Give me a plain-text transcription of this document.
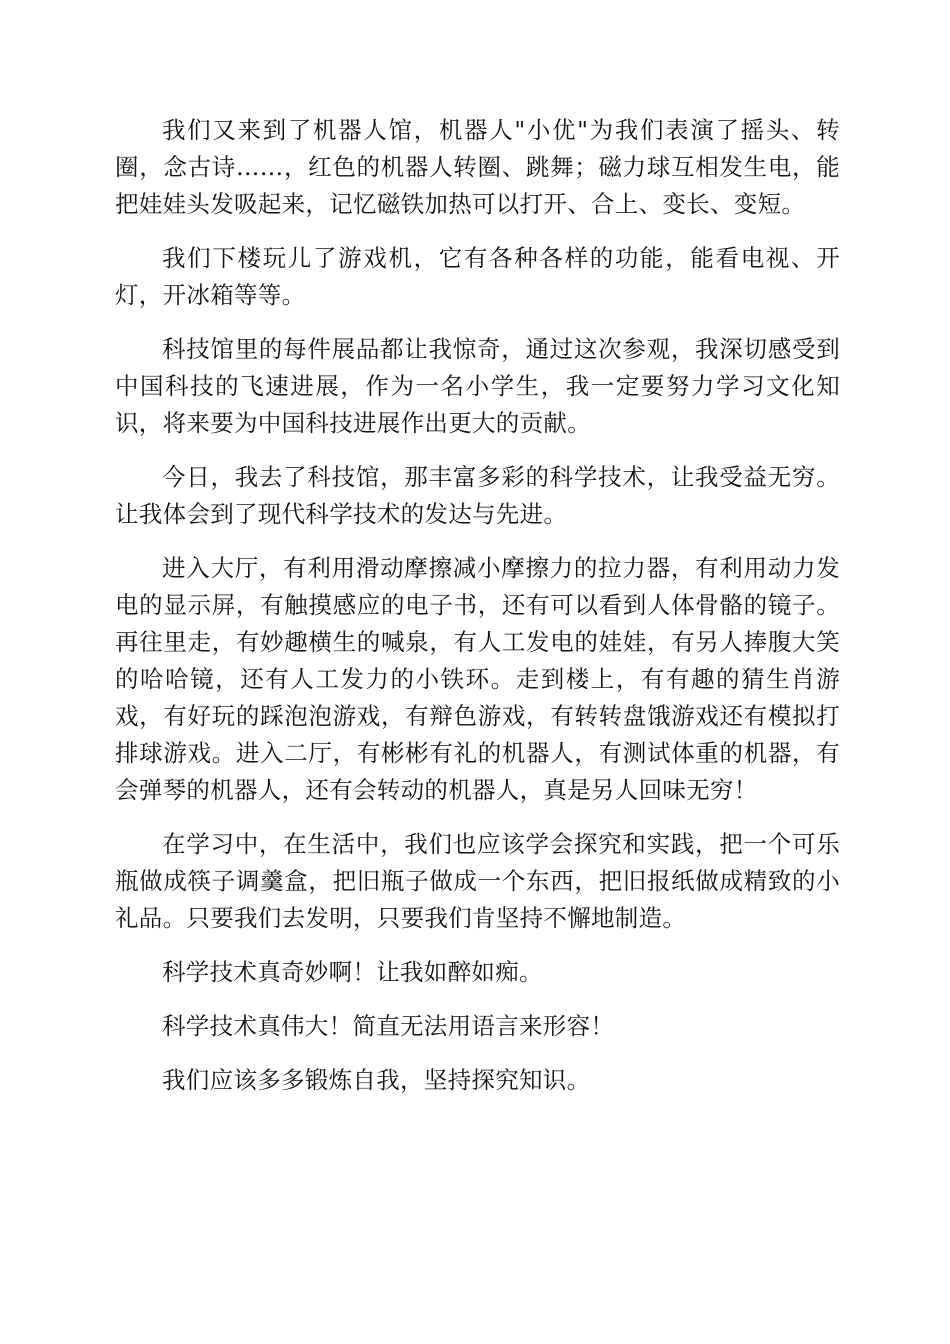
我们又来到了机器人馆，机器人"小优"为我们表演了摇头、转圈，念古诗……，红色的机器人转圈、跳舞；磁力球互相发生电，能把娃娃头发吸起来，记忆磁铁加热可以打开、合上、变长、变短。

我们下楼玩儿了游戏机，它有各种各样的功能，能看电视、开灯，开冰箱等等。

科技馆里的每件展品都让我惊奇，通过这次参观，我深切感受到中国科技的飞速进展，作为一名小学生，我一定要努力学习文化知识，将来要为中国科技进展作出更大的贡献。

今日，我去了科技馆，那丰富多彩的科学技术，让我受益无穷。让我体会到了现代科学技术的发达与先进。

进入大厅，有利用滑动摩擦减小摩擦力的拉力器，有利用动力发电的显示屏，有触摸感应的电子书，还有可以看到人体骨骼的镜子。再往里走，有妙趣横生的喊泉，有人工发电的娃娃，有另人捧腹大笑的哈哈镜，还有人工发力的小铁环。走到楼上，有有趣的猜生肖游戏，有好玩的踩泡泡游戏，有辩色游戏，有转转盘饿游戏还有模拟打排球游戏。进入二厅，有彬彬有礼的机器人，有测试体重的机器，有会弹琴的机器人，还有会转动的机器人，真是另人回味无穷！

在学习中，在生活中，我们也应该学会探究和实践，把一个可乐瓶做成筷子调羹盒，把旧瓶子做成一个东西，把旧报纸做成精致的小礼品。只要我们去发明，只要我们肯坚持不懈地制造。

科学技术真奇妙啊！让我如醉如痴。

科学技术真伟大！简直无法用语言来形容！

我们应该多多锻炼自我，坚持探究知识。
